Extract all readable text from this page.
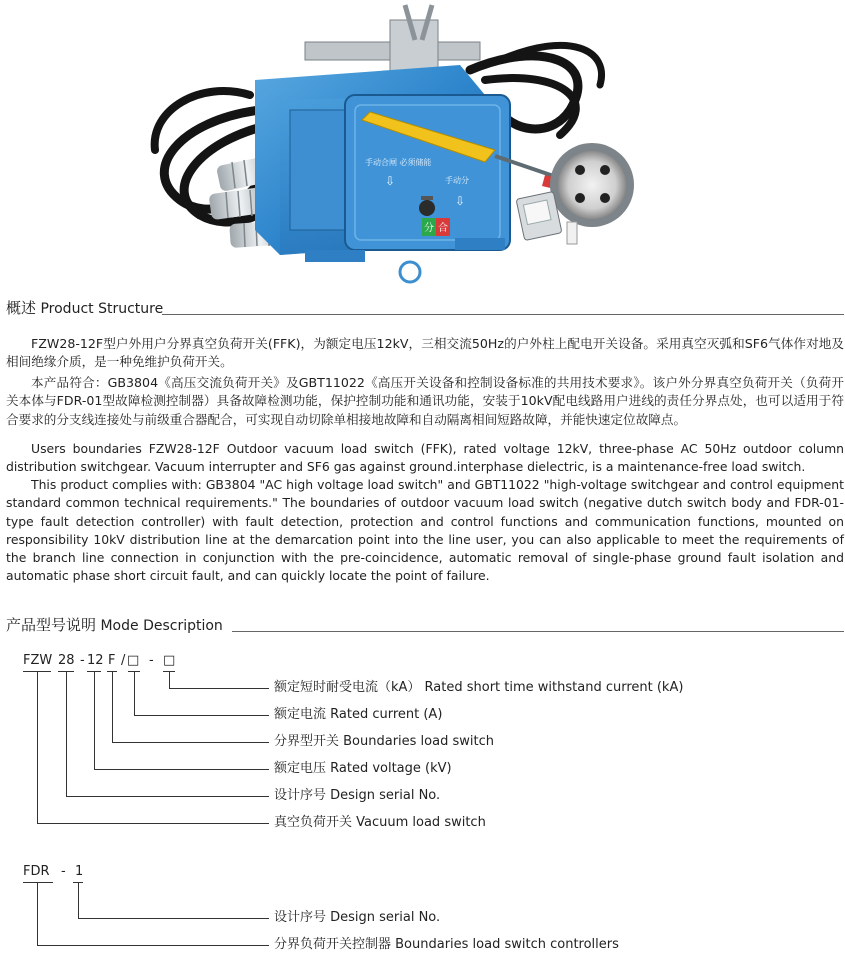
手动合闸 必须储能
手动分
⇩
⇩
分 合
概述 Product Structure

FZW28-12F型户外用户分界真空负荷开关(FFK)，为额定电压12kV，三相交流50Hz的户外柱上配电开关设备。采用真空灭弧和SF6气体作对地及相间绝缘介质，是一种免维护负荷开关。

本产品符合：GB3804《高压交流负荷开关》及GBT11022《高压开关设备和控制设备标准的共用技术要求》。该户外分界真空负荷开关（负荷开关本体与FDR-01型故障检测控制器）具备故障检测功能，保护控制功能和通讯功能，安装于10kV配电线路用户进线的责任分界点处，也可以适用于符合要求的分支线连接处与前级重合器配合，可实现自动切除单相接地故障和自动隔离相间短路故障，并能快速定位故障点。

Users boundaries FZW28-12F Outdoor vacuum load switch (FFK), rated voltage 12kV, three-phase AC 50Hz outdoor column distribution switchgear. Vacuum interrupter and SF6 gas against ground.interphase dielectric, is a maintenance-free load switch.

This product complies with: GB3804 "AC high voltage load switch" and GBT11022 "high-voltage switchgear and control equipment standard common technical requirements." The boundaries of outdoor vacuum load switch (negative dutch switch body and FDR-01-type fault detection controller) with fault detection, protection and control functions and communication functions, mounted on responsibility 10kV distribution line at the demarcation point into the line user, you can also applicable to meet the requirements of the branch line connection in conjunction with the pre-coincidence, automatic removal of single-phase ground fault isolation and automatic phase short circuit fault, and can quickly locate the point of failure.

产品型号说明 Mode Description
FZW 28 - 12 F / □ - □
额定短时耐受电流（kA） Rated short time withstand current (kA)
额定电流 Rated current (A)
分界型开关 Boundaries load switch
额定电压 Rated voltage (kV)
设计序号 Design serial No.
真空负荷开关 Vacuum load switch
FDR - 1
设计序号 Design serial No.
分界负荷开关控制器 Boundaries load switch controllers
